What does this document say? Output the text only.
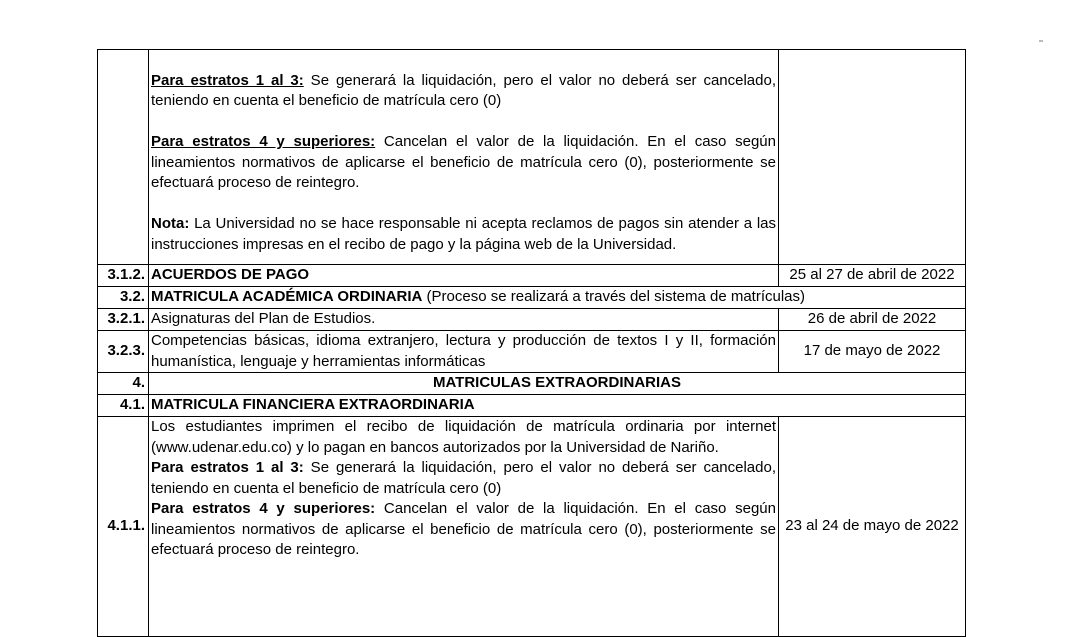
	Para estratos 1 al 3: Se generará la liquidación, pero el valor no deberá ser cancelado, teniendo en cuenta el beneficio de matrícula cero (0)
Para estratos 4 y superiores: Cancelan el valor de la liquidación. En el caso según lineamientos normativos de aplicarse el beneficio de matrícula cero (0), posteriormente se efectuará proceso de reintegro.
Nota: La Universidad no se hace responsable ni acepta reclamos de pagos sin atender a las instrucciones impresas en el recibo de pago y la página web de la Universidad.	

3.1.2.	ACUERDOS DE PAGO	25 al 27 de abril de 2022
3.2.	MATRICULA ACADÉMICA ORDINARIA (Proceso se realizará a través del sistema de matrículas)	
3.2.1.	Asignaturas del Plan de Estudios.	26 de abril de 2022
3.2.3.	Competencias básicas, idioma extranjero, lectura y producción de textos I y II, formación humanística, lenguaje y herramientas informáticas	17 de mayo de 2022
4.	MATRICULAS EXTRAORDINARIAS	
4.1.	MATRICULA FINANCIERA EXTRAORDINARIA	
4.1.1.	Los estudiantes imprimen el recibo de liquidación de matrícula ordinaria por internet (www.udenar.edu.co) y lo pagan en bancos autorizados por la Universidad de Nariño.
Para estratos 1 al 3: Se generará la liquidación, pero el valor no deberá ser cancelado, teniendo en cuenta el beneficio de matrícula cero (0)
Para estratos 4 y superiores: Cancelan el valor de la liquidación. En el caso según lineamientos normativos de aplicarse el beneficio de matrícula cero (0), posteriormente se efectuará proceso de reintegro.	23 al 24 de mayo de 2022
